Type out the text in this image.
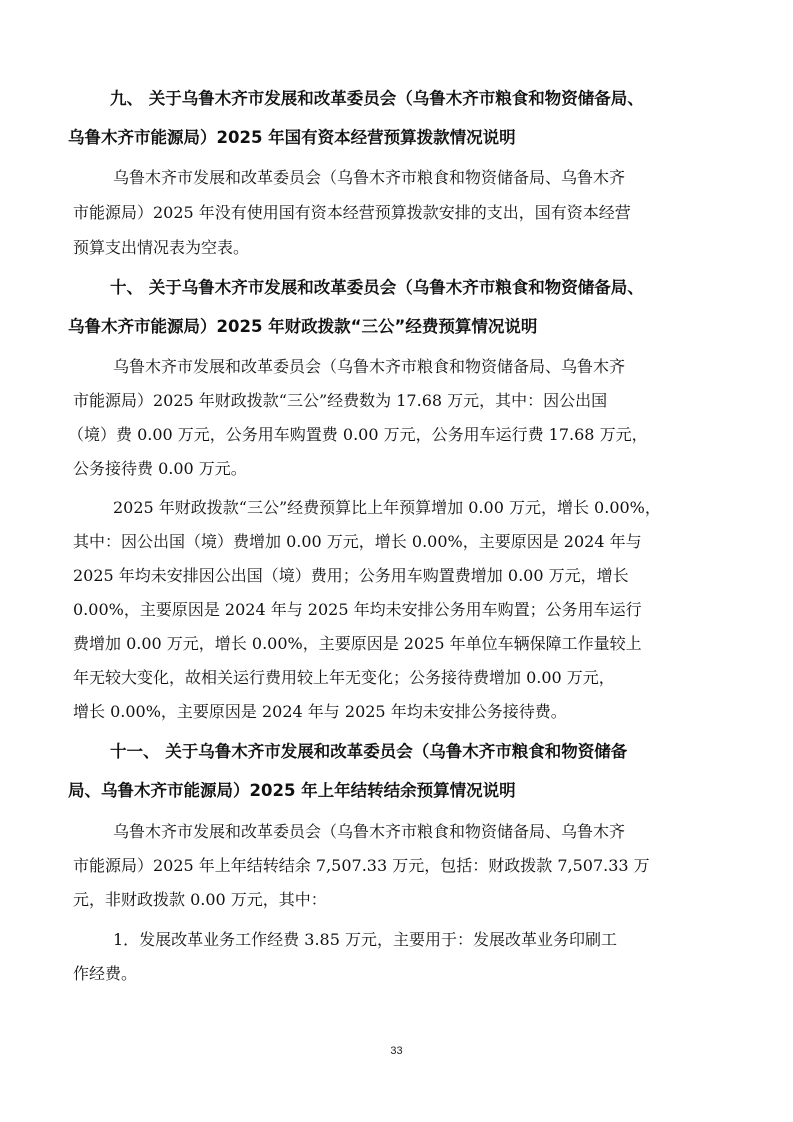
九、 关于乌鲁木齐市发展和改革委员会（乌鲁木齐市粮食和物资储备局、
乌鲁木齐市能源局）2025 年国有资本经营预算拨款情况说明
乌鲁木齐市发展和改革委员会（乌鲁木齐市粮食和物资储备局、乌鲁木齐
市能源局）2025 年没有使用国有资本经营预算拨款安排的支出，国有资本经营
预算支出情况表为空表。
十、 关于乌鲁木齐市发展和改革委员会（乌鲁木齐市粮食和物资储备局、
乌鲁木齐市能源局）2025 年财政拨款“三公”经费预算情况说明
乌鲁木齐市发展和改革委员会（乌鲁木齐市粮食和物资储备局、乌鲁木齐
市能源局）2025 年财政拨款“三公”经费数为 17.68 万元，其中：因公出国
（境）费 0.00 万元，公务用车购置费 0.00 万元，公务用车运行费 17.68 万元，
公务接待费 0.00 万元。
2025 年财政拨款“三公”经费预算比上年预算增加 0.00 万元，增长 0.00%，
其中：因公出国（境）费增加 0.00 万元，增长 0.00%，主要原因是 2024 年与
2025 年均未安排因公出国（境）费用；公务用车购置费增加 0.00 万元，增长
0.00%，主要原因是 2024 年与 2025 年均未安排公务用车购置；公务用车运行
费增加 0.00 万元，增长 0.00%，主要原因是 2025 年单位车辆保障工作量较上
年无较大变化，故相关运行费用较上年无变化；公务接待费增加 0.00 万元，
增长 0.00%，主要原因是 2024 年与 2025 年均未安排公务接待费。
十一、 关于乌鲁木齐市发展和改革委员会（乌鲁木齐市粮食和物资储备
局、乌鲁木齐市能源局）2025 年上年结转结余预算情况说明
乌鲁木齐市发展和改革委员会（乌鲁木齐市粮食和物资储备局、乌鲁木齐
市能源局）2025 年上年结转结余 7,507.33 万元，包括：财政拨款 7,507.33 万
元，非财政拨款 0.00 万元，其中：
1．发展改革业务工作经费 3.85 万元，主要用于：发展改革业务印刷工
作经费。
33
